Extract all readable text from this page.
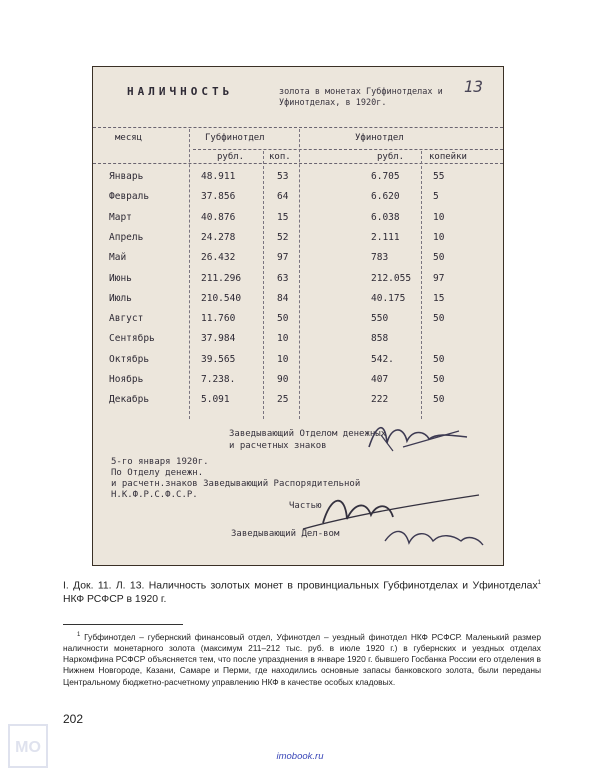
НАЛИЧНОСТЬ	золота в монетах Губфинотделах и Уфинотделах, в 1920г.
13
месяц	Губфинотдел	Уфинотдел
рубл.	коп.	рубл.	копейки
Январь	48.911	53	6.705	55
Февраль	37.856	64	6.620	5
Март	40.876	15	6.038	10
Апрель	24.278	52	2.111	10
Май	26.432	97	783	50
Июнь	211.296	63	212.055 97
Июль	210.540	84	40.175	15
Август	11.760	50	550	50
Сентябрь	37.984	10	858
Октябрь	39.565	10	542.	50
Ноябрь	7.238.	90	407	50
Декабрь	5.091	25	222	50
Заведывающий Отделом денежных
и расчетных знаков
5-го января 1920г.
По Отделу денежн.
и расчетн.знаков Заведывающий Распорядительной
Н.К.Ф.Р.С.Ф.С.Р.
Частью
Заведывающий Дел-вом
I. Док. 11. Л. 13. Наличность золотых монет в провинциальных Губфинотделах и Уфинотделах$^1$ НКФ РСФСР в 1920 г.
$^1$ Губфинотдел – губернский финансовый отдел, Уфинотдел – уездный финотдел НКФ РСФСР. Маленький размер наличности монетарного золота (максимум 211–212 тыс. руб. в июле 1920 г.) в губернских и уездных отделах Наркомфина РСФСР объясняется тем, что после упразднения в январе 1920 г. бывшего Госбанка России его отделения в Нижнем Новгороде, Казани, Самаре и Перми, где находились основные запасы банковского золота, были переданы Центральному бюджетно-расчетному управлению НКФ в качестве особых кладовых.
202
MO
imobook.ru
